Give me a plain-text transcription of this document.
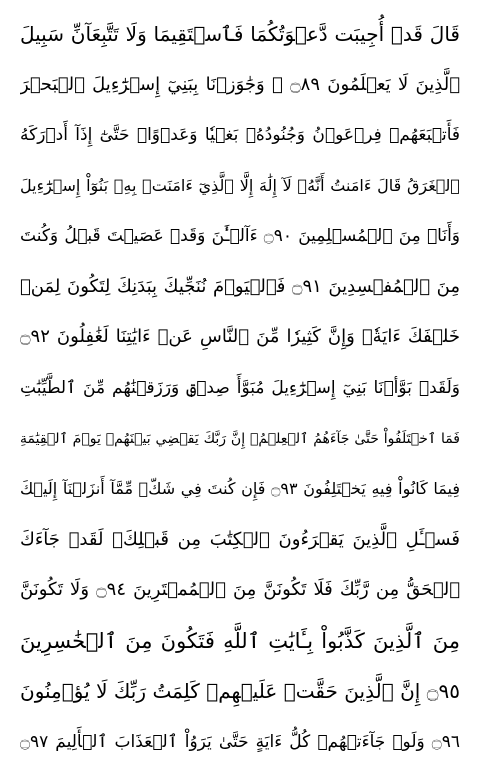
قَالَ قَدۡ أُجِيبَت دَّعۡوَتُكُمَا فَٱسۡتَقِيمَا وَلَا تَتَّبِعَآنِّ سَبِيلَ
ٱلَّذِينَ لَا يَعۡلَمُونَ ۝٨٩ ۞ وَجَٰوَزۡنَا بِبَنِيٓ إِسۡرَٰٓءِيلَ ٱلۡبَحۡرَ
فَأَتۡبَعَهُمۡ فِرۡعَوۡنُ وَجُنُودُهُۥ بَغۡيٗا وَعَدۡوًاۖ حَتَّىٰٓ إِذَآ أَدۡرَكَهُ
ٱلۡغَرَقُ قَالَ ءَامَنتُ أَنَّهُۥ لَآ إِلَٰهَ إِلَّا ٱلَّذِيٓ ءَامَنَتۡ بِهِۦ بَنُوٓاْ إِسۡرَٰٓءِيلَ
وَأَنَا۠ مِنَ ٱلۡمُسۡلِمِينَ ۝٩٠ ءَآلۡـَٰٔنَ وَقَدۡ عَصَيۡتَ قَبۡلُ وَكُنتَ
مِنَ ٱلۡمُفۡسِدِينَ ۝٩١ فَٱلۡيَوۡمَ نُنَجِّيكَ بِبَدَنِكَ لِتَكُونَ لِمَنۡ
خَلۡفَكَ ءَايَةٗۚ وَإِنَّ كَثِيرٗا مِّنَ ٱلنَّاسِ عَنۡ ءَايَٰتِنَا لَغَٰفِلُونَ ۝٩٢
وَلَقَدۡ بَوَّأۡنَا بَنِيٓ إِسۡرَٰٓءِيلَ مُبَوَّأَ صِدۡقٖ وَرَزَقۡنَٰهُم مِّنَ ٱلطَّيِّبَٰتِ
فَمَا ٱخۡتَلَفُواْ حَتَّىٰ جَآءَهُمُ ٱلۡعِلۡمُۚ إِنَّ رَبَّكَ يَقۡضِي بَيۡنَهُمۡ يَوۡمَ ٱلۡقِيَٰمَةِ
فِيمَا كَانُواْ فِيهِ يَخۡتَلِفُونَ ۝٩٣ فَإِن كُنتَ فِي شَكّٖ مِّمَّآ أَنزَلۡنَآ إِلَيۡكَ
فَسۡـَٔلِ ٱلَّذِينَ يَقۡرَءُونَ ٱلۡكِتَٰبَ مِن قَبۡلِكَۚ لَقَدۡ جَآءَكَ
ٱلۡحَقُّ مِن رَّبِّكَ فَلَا تَكُونَنَّ مِنَ ٱلۡمُمۡتَرِينَ ۝٩٤ وَلَا تَكُونَنَّ
مِنَ ٱلَّذِينَ كَذَّبُواْ بِـَٔايَٰتِ ٱللَّهِ فَتَكُونَ مِنَ ٱلۡخَٰسِرِينَ
۝٩٥ إِنَّ ٱلَّذِينَ حَقَّتۡ عَلَيۡهِمۡ كَلِمَتُ رَبِّكَ لَا يُؤۡمِنُونَ
۝٩٦ وَلَوۡ جَآءَتۡهُمۡ كُلُّ ءَايَةٍ حَتَّىٰ يَرَوُاْ ٱلۡعَذَابَ ٱلۡأَلِيمَ ۝٩٧
